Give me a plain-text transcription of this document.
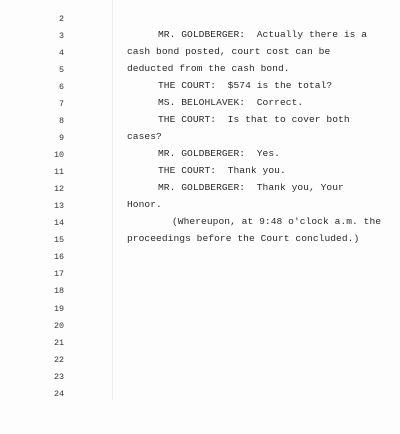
2

MR. GOLDBERGER:  Actually there is a

3

cash bond posted, court cost can be

4

deducted from the cash bond.

5

THE COURT:  $574 is the total?

6

MS. BELOHLAVEK:  Correct.

7

THE COURT:  Is that to cover both

8

cases?

9

MR. GOLDBERGER:  Yes.

10

THE COURT:  Thank you.

11

MR. GOLDBERGER:  Thank you, Your

12

Honor.

13

(Whereupon, at 9:48 o'clock a.m. the

14

proceedings before the Court concluded.)

15

16

17

18

19

20

21

22

23

24
